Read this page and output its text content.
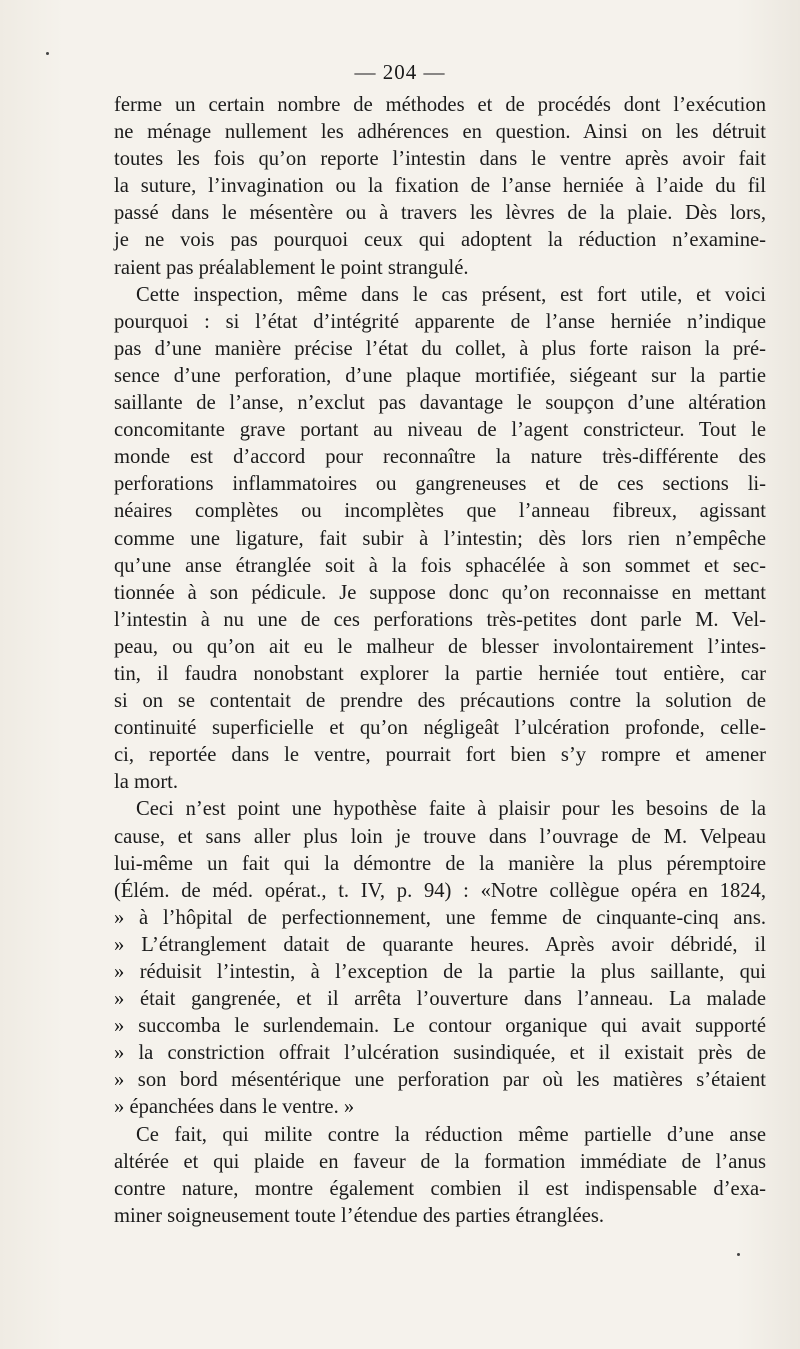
— 204 —
ferme un certain nombre de méthodes et de procédés dont l’exécution
ne ménage nullement les adhérences en question. Ainsi on les détruit
toutes les fois qu’on reporte l’intestin dans le ventre après avoir fait
la suture, l’invagination ou la fixation de l’anse herniée à l’aide du fil
passé dans le mésentère ou à travers les lèvres de la plaie. Dès lors,
je ne vois pas pourquoi ceux qui adoptent la réduction n’examine-
raient pas préalablement le point strangulé.
Cette inspection, même dans le cas présent, est fort utile, et voici
pourquoi : si l’état d’intégrité apparente de l’anse herniée n’indique
pas d’une manière précise l’état du collet, à plus forte raison la pré-
sence d’une perforation, d’une plaque mortifiée, siégeant sur la partie
saillante de l’anse, n’exclut pas davantage le soupçon d’une altération
concomitante grave portant au niveau de l’agent constricteur. Tout le
monde est d’accord pour reconnaître la nature très-différente des
perforations inflammatoires ou gangreneuses et de ces sections li-
néaires complètes ou incomplètes que l’anneau fibreux, agissant
comme une ligature, fait subir à l’intestin; dès lors rien n’empêche
qu’une anse étranglée soit à la fois sphacélée à son sommet et sec-
tionnée à son pédicule. Je suppose donc qu’on reconnaisse en mettant
l’intestin à nu une de ces perforations très-petites dont parle M. Vel-
peau, ou qu’on ait eu le malheur de blesser involontairement l’intes-
tin, il faudra nonobstant explorer la partie herniée tout entière, car
si on se contentait de prendre des précautions contre la solution de
continuité superficielle et qu’on négligeât l’ulcération profonde, celle-
ci, reportée dans le ventre, pourrait fort bien s’y rompre et amener
la mort.
Ceci n’est point une hypothèse faite à plaisir pour les besoins de la
cause, et sans aller plus loin je trouve dans l’ouvrage de M. Velpeau
lui-même un fait qui la démontre de la manière la plus péremptoire
(Élém. de méd. opérat., t. IV, p. 94) : «Notre collègue opéra en 1824,
» à l’hôpital de perfectionnement, une femme de cinquante-cinq ans.
» L’étranglement datait de quarante heures. Après avoir débridé, il
» réduisit l’intestin, à l’exception de la partie la plus saillante, qui
» était gangrenée, et il arrêta l’ouverture dans l’anneau. La malade
» succomba le surlendemain. Le contour organique qui avait supporté
» la constriction offrait l’ulcération susindiquée, et il existait près de
» son bord mésentérique une perforation par où les matières s’étaient
» épanchées dans le ventre. »
Ce fait, qui milite contre la réduction même partielle d’une anse
altérée et qui plaide en faveur de la formation immédiate de l’anus
contre nature, montre également combien il est indispensable d’exa-
miner soigneusement toute l’étendue des parties étranglées.
